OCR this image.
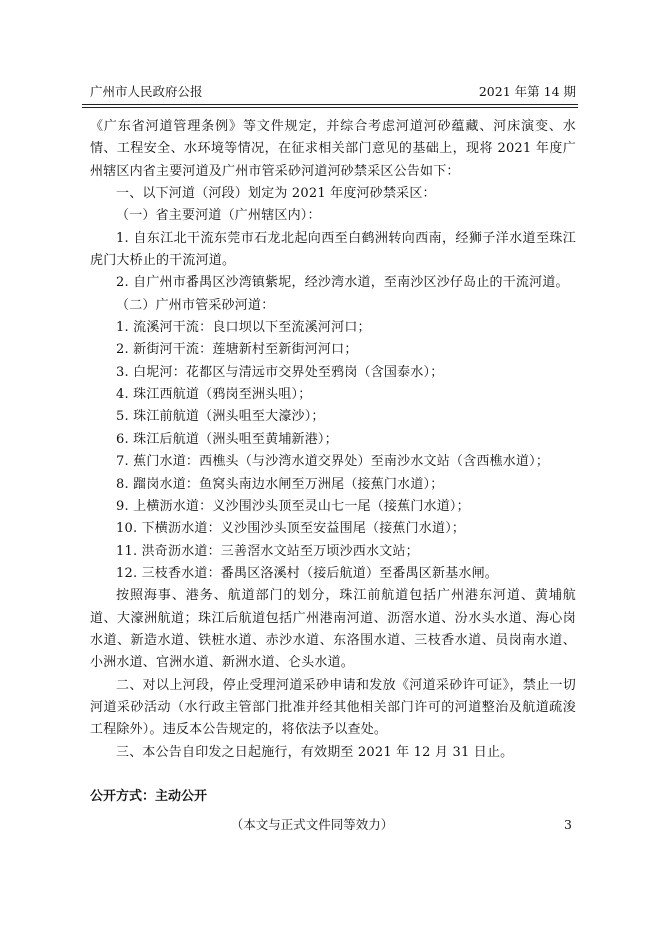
广州市人民政府公报	2021 年第 14 期

《广东省河道管理条例》等文件规定，并综合考虑河道河砂蕴藏、河床演变、水情、工程安全、水环境等情况，在征求相关部门意见的基础上，现将 2021 年度广州辖区内省主要河道及广州市管采砂河道河砂禁采区公告如下：

一、以下河道（河段）划定为 2021 年度河砂禁采区：

（一）省主要河道（广州辖区内）：

1. 自东江北干流东莞市石龙北起向西至白鹤洲转向西南，经狮子洋水道至珠江虎门大桥止的干流河道。

2. 自广州市番禺区沙湾镇紫坭，经沙湾水道，至南沙区沙仔岛止的干流河道。

（二）广州市管采砂河道：

1. 流溪河干流：良口坝以下至流溪河河口；

2. 新街河干流：莲塘新村至新街河河口；

3. 白坭河：花都区与清远市交界处至鸦岗（含国泰水）；

4. 珠江西航道（鸦岗至洲头咀）；

5. 珠江前航道（洲头咀至大濠沙）；

6. 珠江后航道（洲头咀至黄埔新港）；

7. 蕉门水道：西樵头（与沙湾水道交界处）至南沙水文站（含西樵水道）；

8. 蹓岗水道：鱼窝头南边水闸至万洲尾（接蕉门水道）；

9. 上横沥水道：义沙围沙头顶至灵山七一尾（接蕉门水道）；

10. 下横沥水道：义沙围沙头顶至安益围尾（接蕉门水道）；

11. 洪奇沥水道：三善滘水文站至万顷沙西水文站；

12. 三枝香水道：番禺区洛溪村（接后航道）至番禺区新基水闸。

按照海事、港务、航道部门的划分，珠江前航道包括广州港东河道、黄埔航道、大濠洲航道；珠江后航道包括广州港南河道、沥滘水道、汾水头水道、海心岗水道、新造水道、铁桩水道、赤沙水道、东洛围水道、三枝香水道、员岗南水道、小洲水道、官洲水道、新洲水道、仑头水道。

二、对以上河段，停止受理河道采砂申请和发放《河道采砂许可证》，禁止一切河道采砂活动（水行政主管部门批准并经其他相关部门许可的河道整治及航道疏浚工程除外）。违反本公告规定的，将依法予以查处。

三、本公告自印发之日起施行，有效期至 2021 年 12 月 31 日止。

公开方式：主动公开
（本文与正式文件同等效力）	3
